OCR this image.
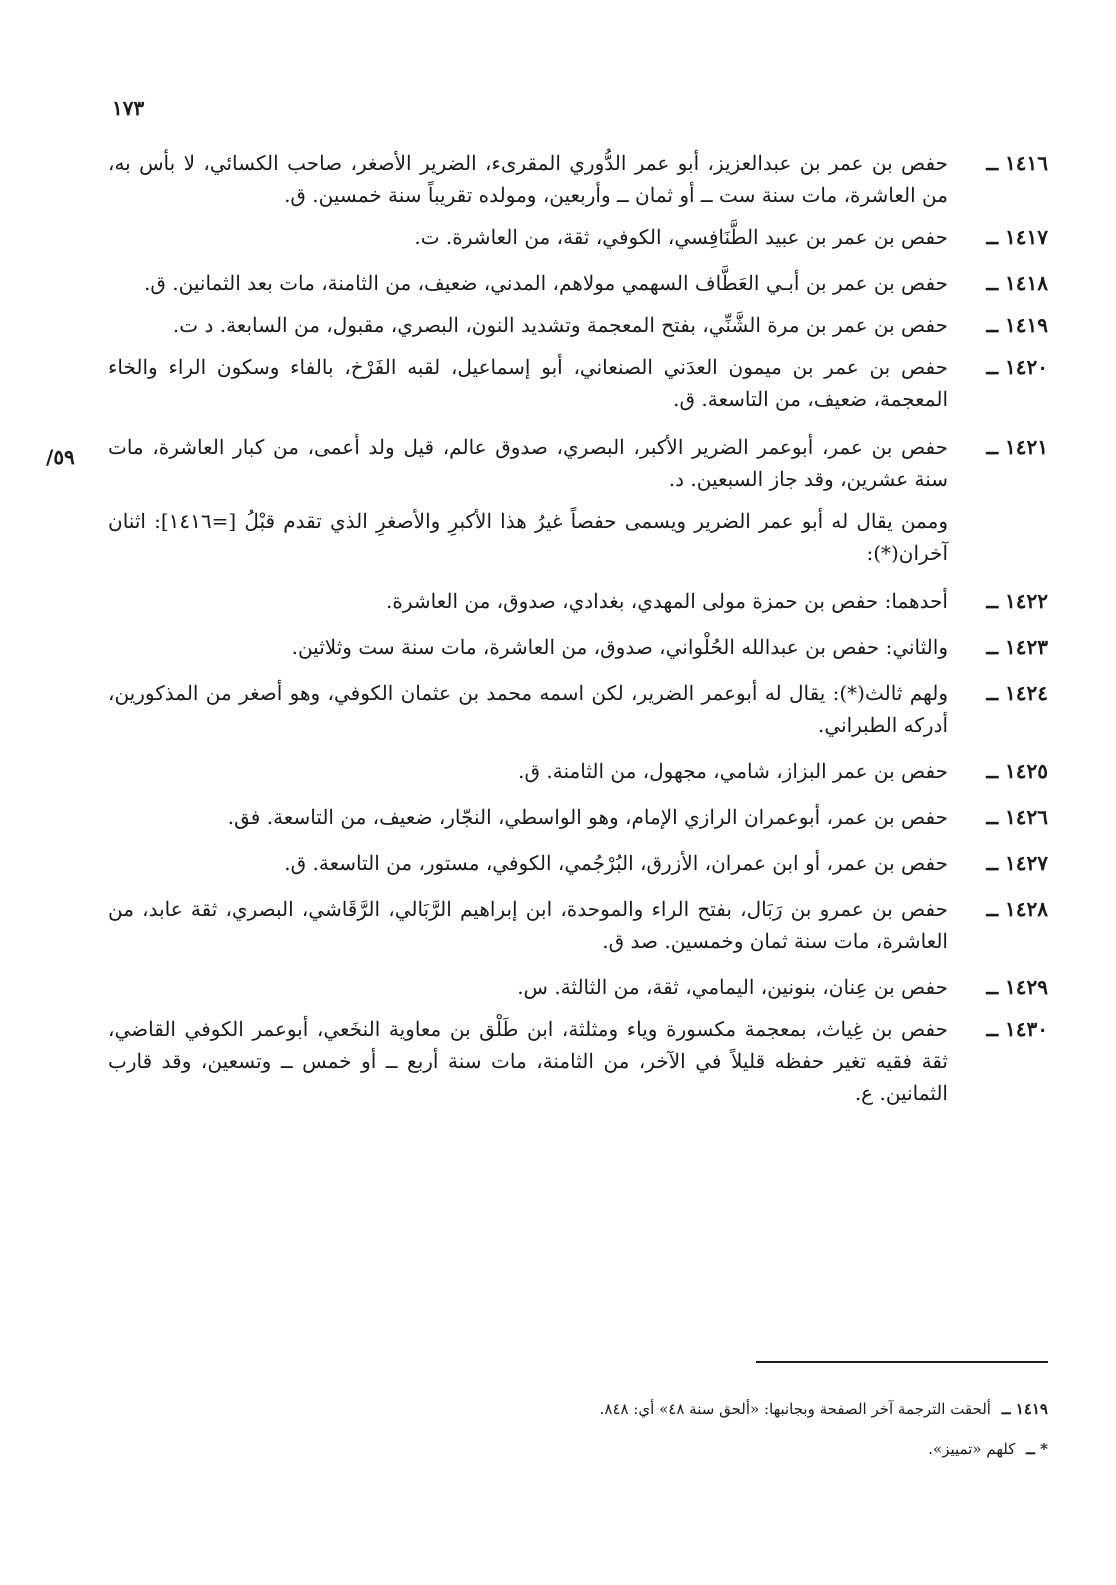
١٧٣
/٥٩
١٤١٦ ــ
حفص بن عمر بن عبدالعزيز، أبو عمر الدُّوري المقرىء، الضرير الأصغر، صاحب الكسائي، لا بأس به، من العاشرة، مات سنة ست ــ أو ثمان ــ وأربعين، ومولده تقريباً سنة خمسين. ق.
١٤١٧ ــ
حفص بن عمر بن عبيد الطَّنَافِسي، الكوفي، ثقة، من العاشرة. ت.
١٤١٨ ــ
حفص بن عمر بن أبـي العَطَّاف السهمي مولاهم، المدني، ضعيف، من الثامنة، مات بعد الثمانين. ق.
١٤١٩ ــ
حفص بن عمر بن مرة الشَّنِّي، بفتح المعجمة وتشديد النون، البصري، مقبول، من السابعة. د ت.
١٤٢٠ ــ
حفص بن عمر بن ميمون العدَني الصنعاني، أبو إسماعيل، لقبه الفَرْخ، بالفاء وسكون الراء والخاء المعجمة، ضعيف، من التاسعة. ق.
١٤٢١ ــ
حفص بن عمر، أبوعمر الضرير الأكبر، البصري، صدوق عالم، قيل ولد أعمى، من كبار العاشرة، مات سنة عشرين، وقد جاز السبعين. د.
وممن يقال له أبو عمر الضرير ويسمى حفصاً غيرُ هذا الأكبرِ والأصغرِ الذي تقدم قبْلُ [=١٤١٦]: اثنان آخران(*):
١٤٢٢ ــ
أحدهما: حفص بن حمزة مولى المهدي، بغدادي، صدوق، من العاشرة.
١٤٢٣ ــ
والثاني: حفص بن عبدالله الحُلْواني، صدوق، من العاشرة، مات سنة ست وثلاثين.
١٤٢٤ ــ
ولهم ثالث(*): يقال له أبوعمر الضرير، لكن اسمه محمد بن عثمان الكوفي، وهو أصغر من المذكورين، أدركه الطبراني.
١٤٢٥ ــ
حفص بن عمر البزاز، شامي، مجهول، من الثامنة. ق.
١٤٢٦ ــ
حفص بن عمر، أبوعمران الرازي الإمام، وهو الواسطي، النجّار، ضعيف، من التاسعة. فق.
١٤٢٧ ــ
حفص بن عمر، أو ابن عمران، الأزرق، البُرْجُمي، الكوفي، مستور، من التاسعة. ق.
١٤٢٨ ــ
حفص بن عمرو بن رَبَال، بفتح الراء والموحدة، ابن إبراهيم الرَّبَالي، الرَّقَاشي، البصري، ثقة عابد، من العاشرة، مات سنة ثمان وخمسين. صد ق.
١٤٢٩ ــ
حفص بن عِنان، بنونين، اليمامي، ثقة، من الثالثة. س.
١٤٣٠ ــ
حفص بن غِياث، بمعجمة مكسورة وياء ومثلثة، ابن طَلْق بن معاوية النخَعي، أبوعمر الكوفي القاضي، ثقة فقيه تغير حفظه قليلاً في الآخر، من الثامنة، مات سنة أربع ــ أو خمس ــ وتسعين، وقد قارب الثمانين. ع.
١٤١٩ ــ ألحقت الترجمة آخر الصفحة وبجانبها: «ألحق سنة ٤٨» أي: ٨٤٨.
* ــ كلهم «تمييز».
